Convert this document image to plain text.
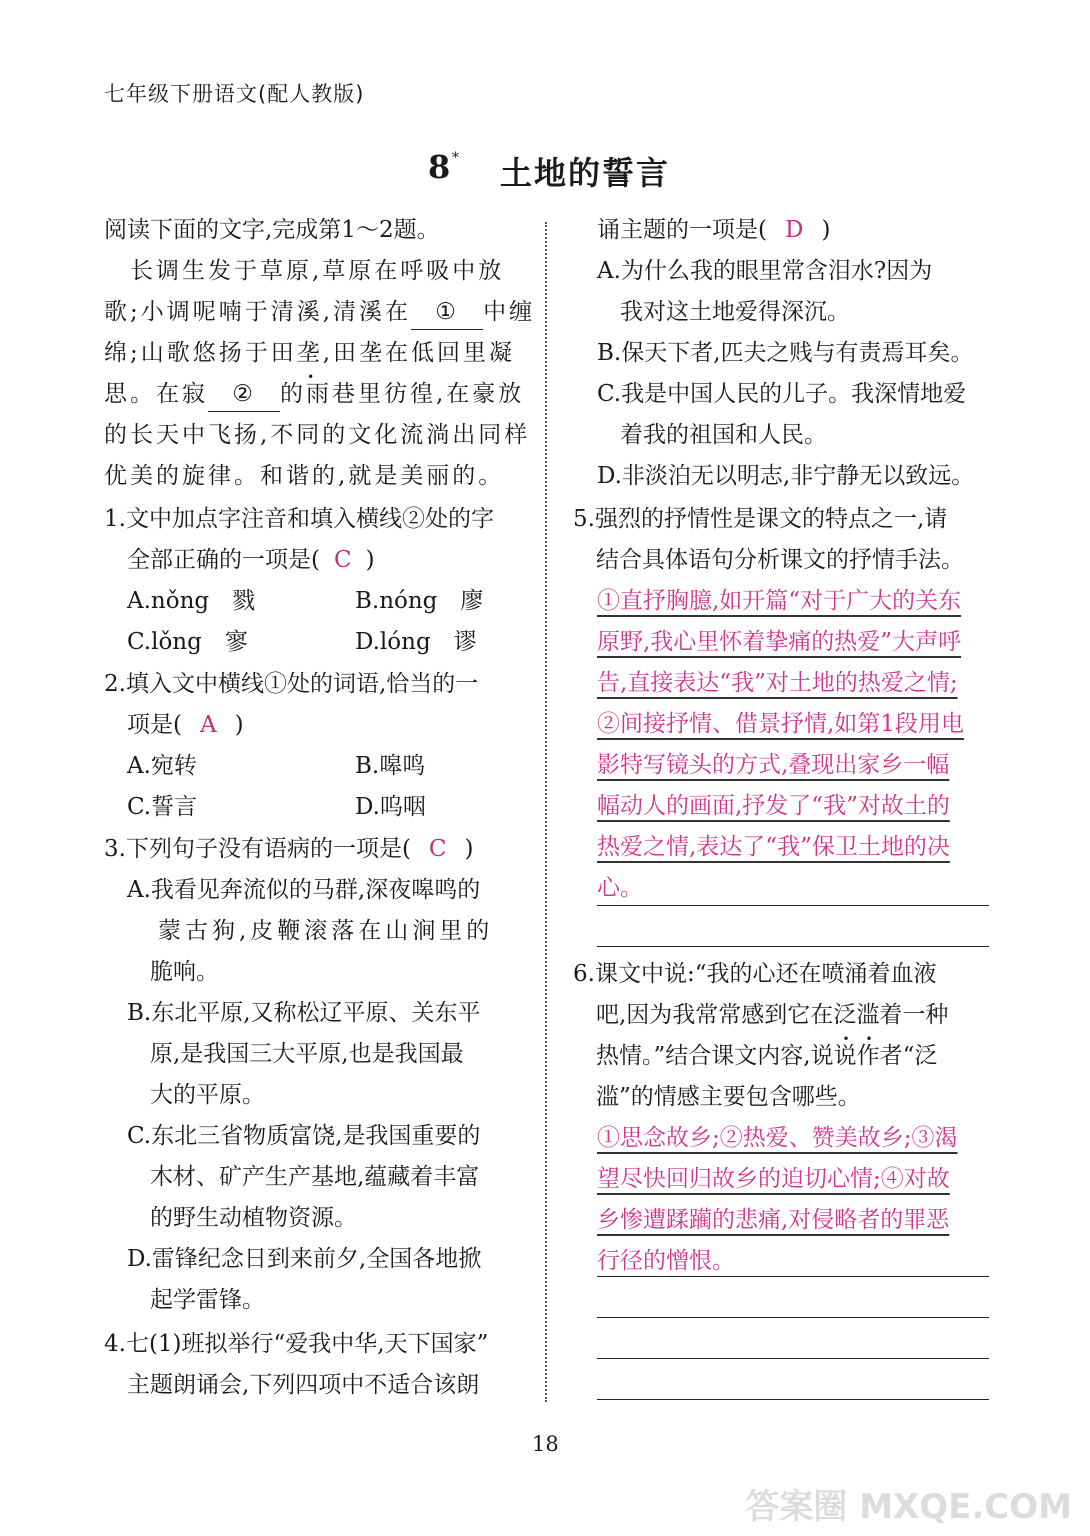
七年级下册语文(配人教版)
8 * 土地的誓言
阅读下面的文字,完成第1～2题。
　长调生发于草原,草原在呼吸中放
歌;小调呢喃于清溪,清溪在 ① 中缠
绵;山歌悠扬于田垄,田垄在低回里凝
思。在寂 ② 的雨巷里彷徨,在豪放
的长天中飞扬,不同的文化流淌出同样
优美的旋律。和谐的,就是美丽的。
1.文中加点字注音和填入横线②处的字
　全部正确的一项是( C )
　A.nǒng　戮	　B.nóng　廖
　C.lǒng　寥	　D.lóng　谬
2.填入文中横线①处的词语,恰当的一
　项是( A )
　A.宛转	　B.嗥鸣
　C.誓言	　D.呜咽
3.下列句子没有语病的一项是( C )
　A.我看见奔流似的马群,深夜嗥鸣的
　　蒙古狗,皮鞭滚落在山涧里的
　　脆响。
　B.东北平原,又称松辽平原、关东平
　　原,是我国三大平原,也是我国最
　　大的平原。
　C.东北三省物质富饶,是我国重要的
　　木材、矿产生产基地,蕴藏着丰富
　　的野生动植物资源。
　D.雷锋纪念日到来前夕,全国各地掀
　　起学雷锋。
4.七(1)班拟举行“爱我中华,天下国家”
　主题朗诵会,下列四项中不适合该朗
诵主题的一项是( D )
A.为什么我的眼里常含泪水?因为
　我对这土地爱得深沉。
B.保天下者,匹夫之贱与有责焉耳矣。
C.我是中国人民的儿子。我深情地爱
　着我的祖国和人民。
D.非淡泊无以明志,非宁静无以致远。
5.强烈的抒情性是课文的特点之一,请
　结合具体语句分析课文的抒情手法。
①直抒胸臆,如开篇“对于广大的关东
原野,我心里怀着挚痛的热爱”大声呼
告,直接表达“我”对土地的热爱之情;
②间接抒情、借景抒情,如第1段用电
影特写镜头的方式,叠现出家乡一幅
幅动人的画面,抒发了“我”对故土的
热爱之情,表达了“我”保卫土地的决
心。
6.课文中说:“我的心还在喷涌着血液
　吧,因为我常常感到它在泛滥着一种
　热情。”结合课文内容,说说作者“泛
　滥”的情感主要包含哪些。
①思念故乡;②热爱、赞美故乡;③渴
望尽快回归故乡的迫切心情;④对故
乡惨遭蹂躏的悲痛,对侵略者的罪恶
行径的憎恨。
18
答案圈 MXQE.COM
